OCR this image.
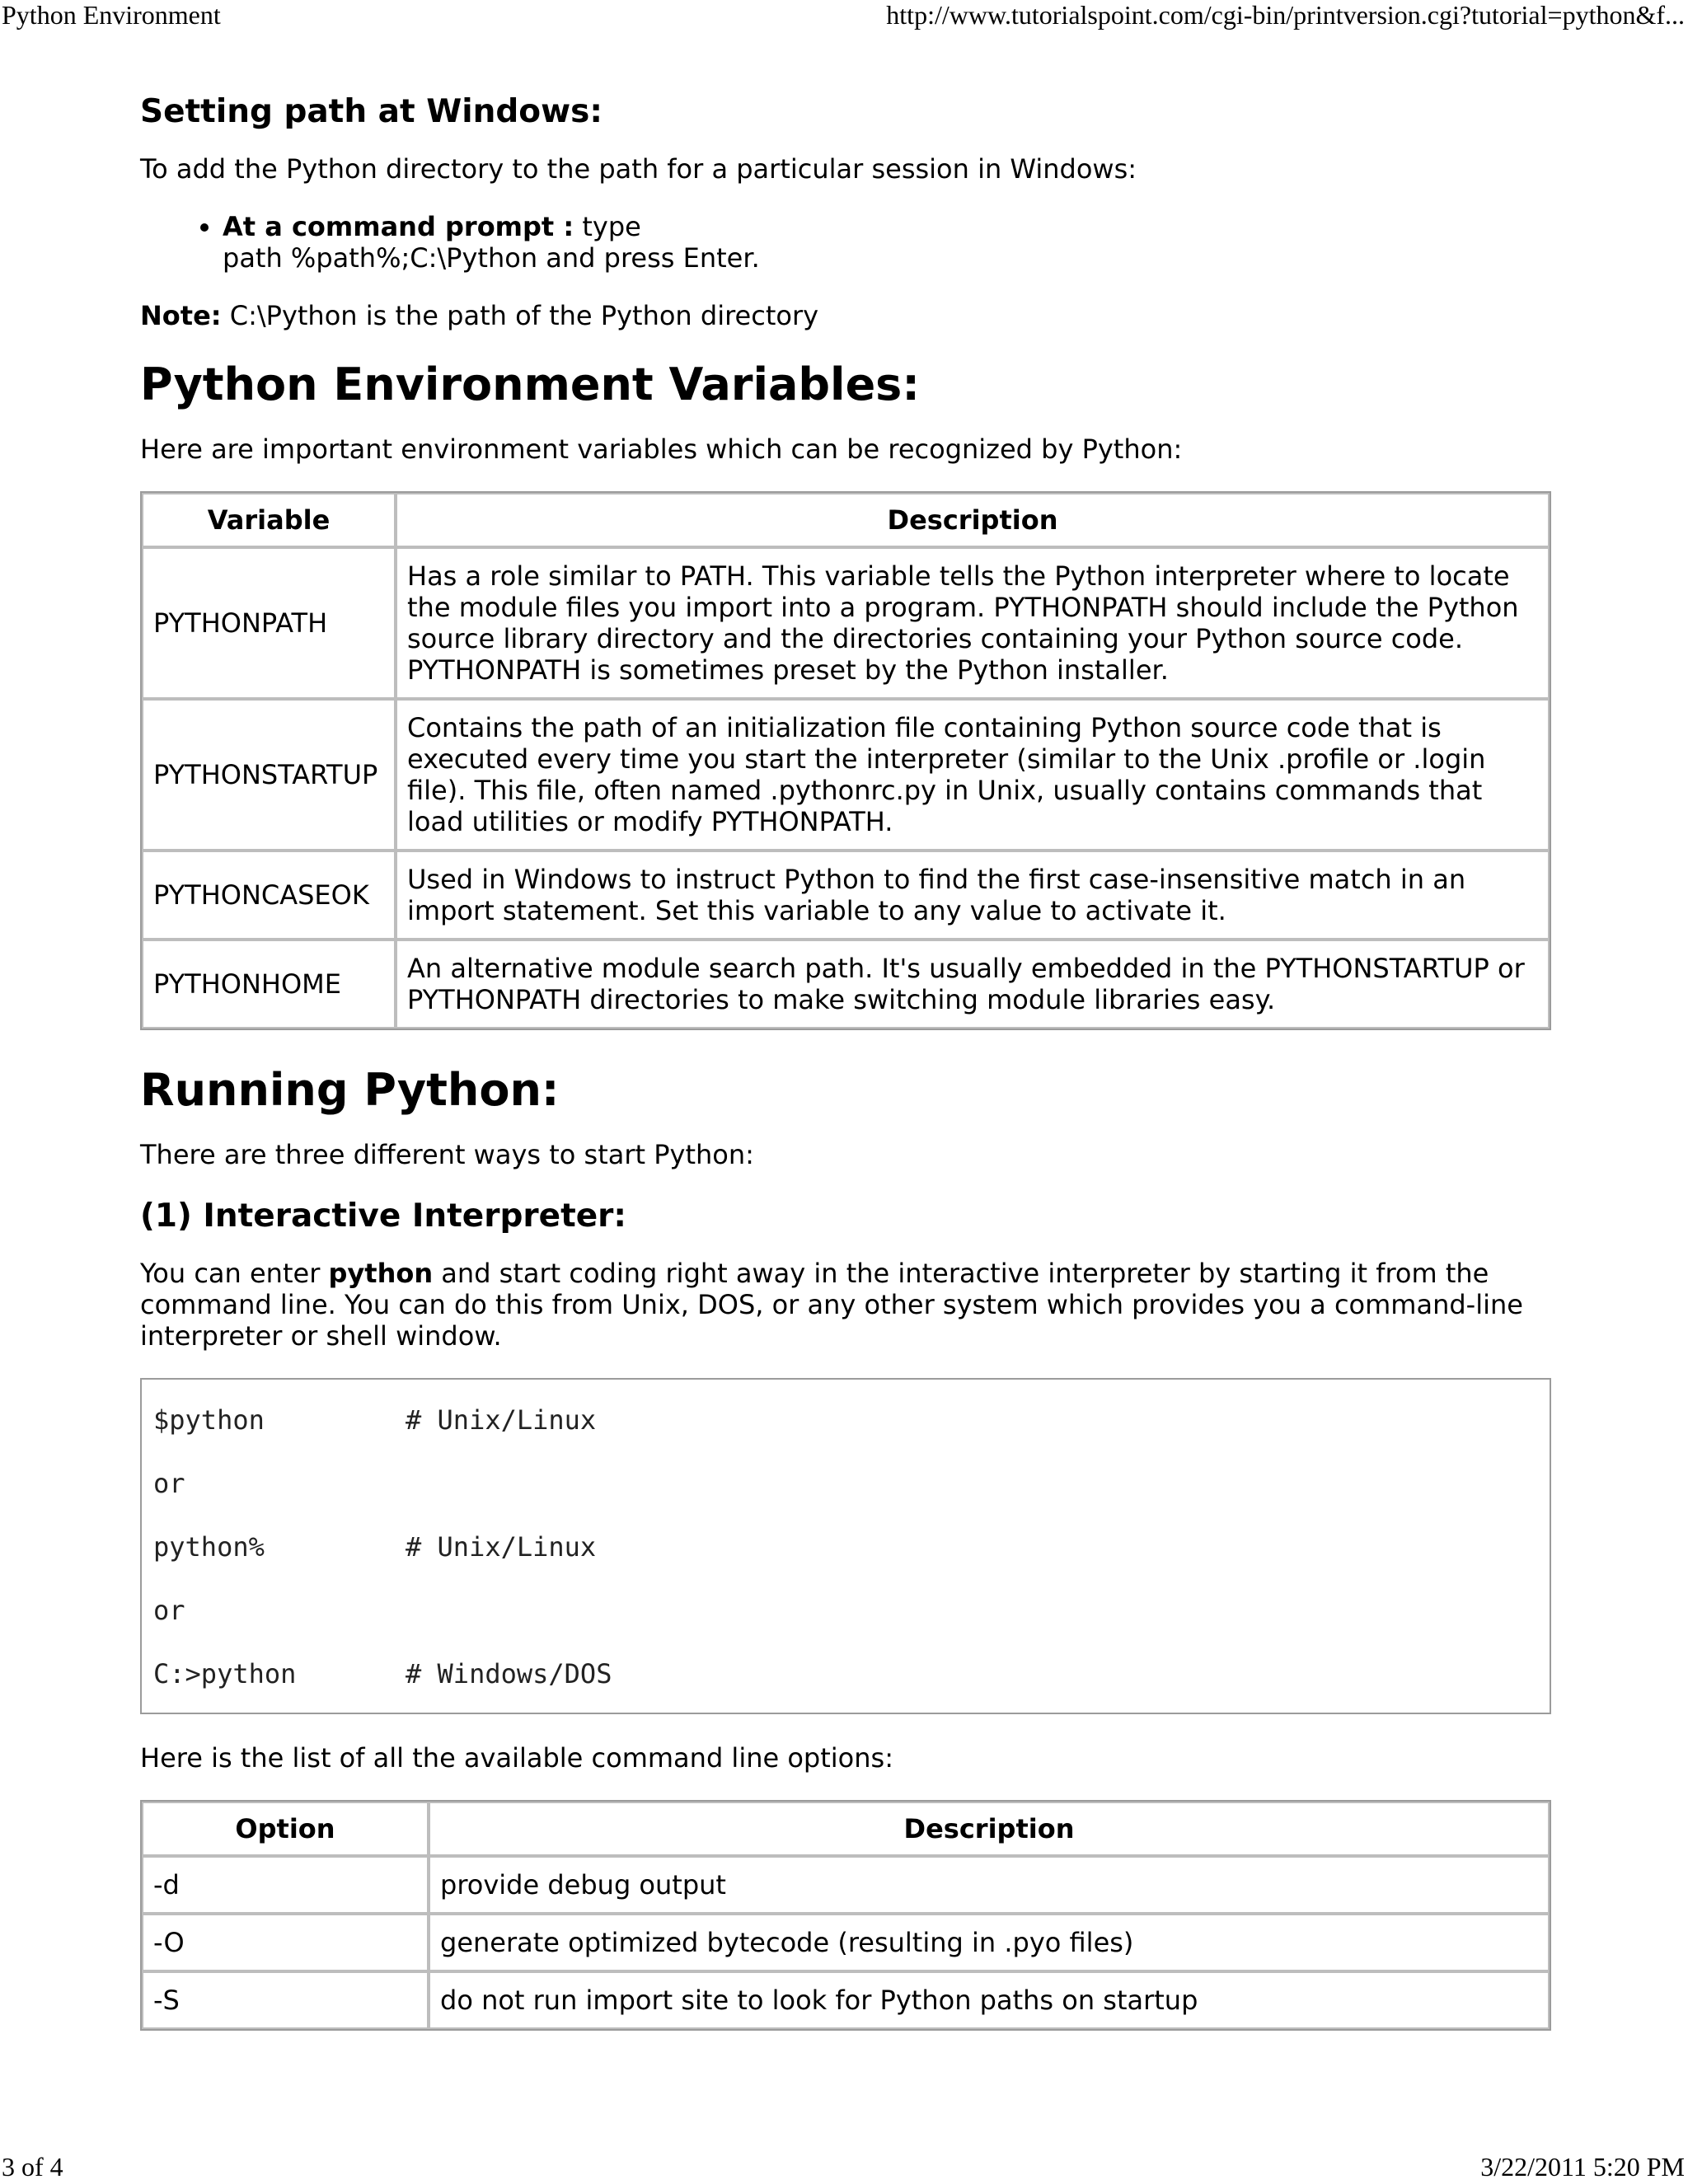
Python Environment	http://www.tutorialspoint.com/cgi-bin/printversion.cgi?tutorial=python&f...
Setting path at Windows:

To add the Python directory to the path for a particular session in Windows:

• At a command prompt : type
path %path%;C:\Python and press Enter.

Note: C:\Python is the path of the Python directory

Python Environment Variables:

Here are important environment variables which can be recognized by Python:

Variable	Description
PYTHONPATH	Has a role similar to PATH. This variable tells the Python interpreter where to locate the module files you import into a program. PYTHONPATH should include the Python source library directory and the directories containing your Python source code. PYTHONPATH is sometimes preset by the Python installer.
PYTHONSTARTUP	Contains the path of an initialization file containing Python source code that is executed every time you start the interpreter (similar to the Unix .profile or .login file). This file, often named .pythonrc.py in Unix, usually contains commands that load utilities or modify PYTHONPATH.
PYTHONCASEOK	Used in Windows to instruct Python to find the first case-insensitive match in an import statement. Set this variable to any value to activate it.
PYTHONHOME	An alternative module search path. It's usually embedded in the PYTHONSTARTUP or PYTHONPATH directories to make switching module libraries easy.
Running Python:

There are three different ways to start Python:

(1) Interactive Interpreter:

You can enter python and start coding right away in the interactive interpreter by starting it from the command line. You can do this from Unix, DOS, or any other system which provides you a command-line interpreter or shell window.

$python	# Unix/Linux
or
python%	# Unix/Linux
or
C:>python	# Windows/DOS

Here is the list of all the available command line options:

Option	Description
-d	provide debug output
-O	generate optimized bytecode (resulting in .pyo files)
-S	do not run import site to look for Python paths on startup
3 of 4	3/22/2011 5:20 PM
